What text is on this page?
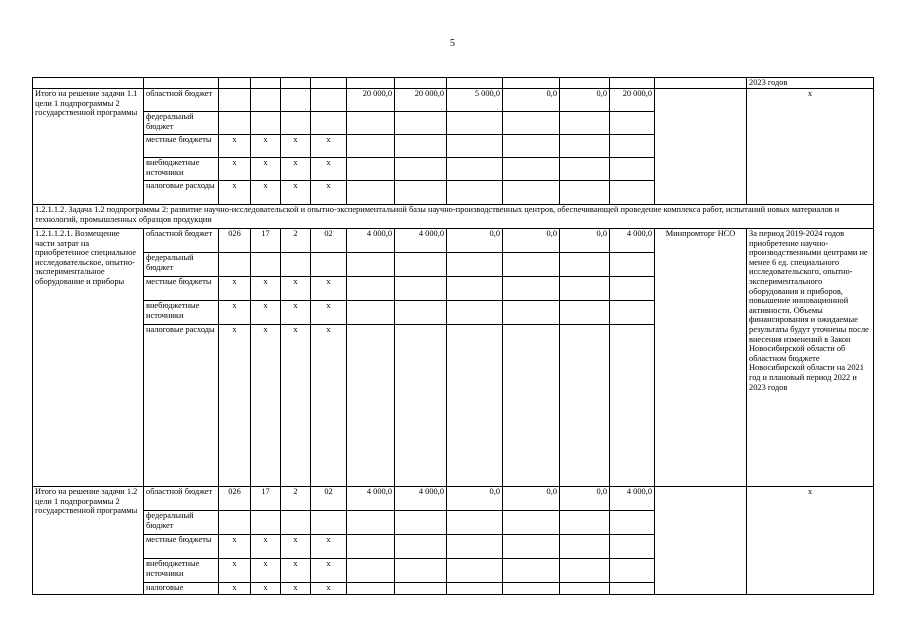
5
													2023 годов
Итого на решение задачи 1.1 цели 1 подпрограммы 2 государственной программы	областной бюджет					20 000,0	20 000,0	5 000,0	0,0	0,0	20 000,0		x
	федеральный бюджет												
	местные бюджеты	x	x	x	x								
	внебюджетные источники	x	x	x	x								
	налоговые расходы	x	x	x	x								
1.2.1.1.2. Задача 1.2 подпрограммы 2: развитие научно-исследовательской и опытно-экспериментальной базы научно-производственных центров, обеспечивающей проведение комплекса работ, испытаний новых материалов и технологий, промышленных образцов продукции													
1.2.1.1.2.1. Возмещение части затрат на приобретенное специальное исследовательское, опытно-экспериментальное оборудование и приборы	областной бюджет	026	17	2	02	4 000,0	4 000,0	0,0	0,0	0,0	4 000,0	Минпромторг НСО	За период 2019-2024 годов приобретение научно-производственными центрами не менее 6 ед. специального исследовательского, опытно-экспериментального оборудования и приборов, повышение инновационной активности. Объемы финансирования и ожидаемые результаты будут уточнены после внесения изменений в Закон Новосибирской области об областном бюджете Новосибирской области на 2021 год и плановый период 2022 и 2023 годов
	федеральный бюджет												
	местные бюджеты	x	x	x	x								
	внебюджетные источники	x	x	x	x								
	налоговые расходы	x	x	x	x								
Итого на решение задачи 1.2 цели 1 подпрограммы 2 государственной программы	областной бюджет	026	17	2	02	4 000,0	4 000,0	0,0	0,0	0,0	4 000,0		x
	федеральный бюджет												
	местные бюджеты	x	x	x	x								
	внебюджетные источники	x	x	x	x								
	налоговые	x	x	x	x								
